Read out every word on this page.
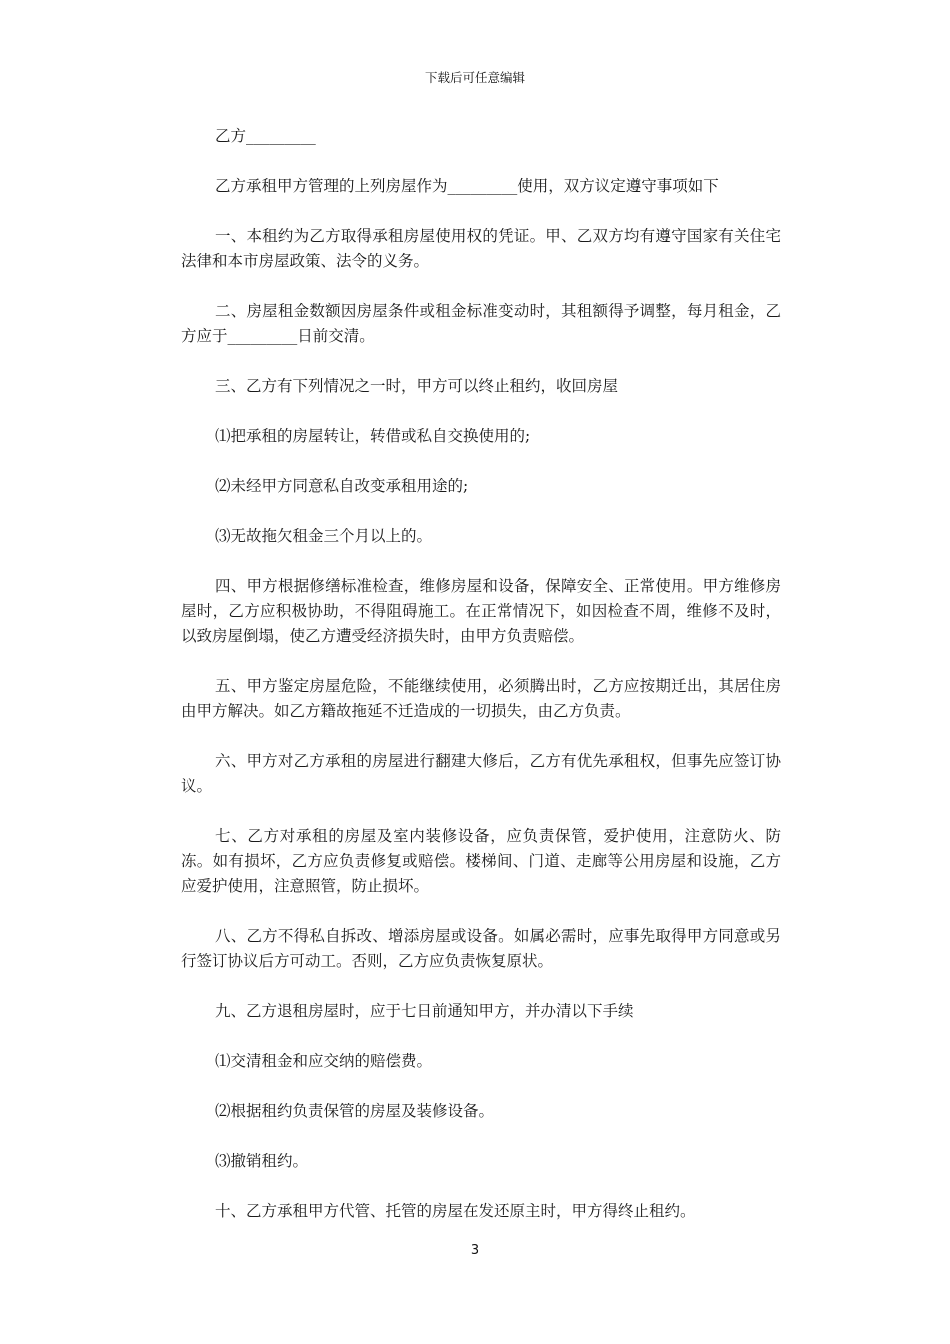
下载后可任意编辑

乙方_________

乙方承租甲方管理的上列房屋作为_________使用，双方议定遵守事项如下

一、本租约为乙方取得承租房屋使用权的凭证。甲、乙双方均有遵守国家有关住宅法律和本市房屋政策、法令的义务。

二、房屋租金数额因房屋条件或租金标准变动时，其租额得予调整，每月租金，乙方应于_________日前交清。

三、乙方有下列情况之一时，甲方可以终止租约，收回房屋

⑴把承租的房屋转让，转借或私自交换使用的;

⑵未经甲方同意私自改变承租用途的;

⑶无故拖欠租金三个月以上的。

四、甲方根据修缮标准检查，维修房屋和设备，保障安全、正常使用。甲方维修房屋时，乙方应积极协助，不得阻碍施工。在正常情况下，如因检查不周，维修不及时，以致房屋倒塌，使乙方遭受经济损失时，由甲方负责赔偿。

五、甲方鉴定房屋危险，不能继续使用，必须腾出时，乙方应按期迁出，其居住房由甲方解决。如乙方籍故拖延不迁造成的一切损失，由乙方负责。

六、甲方对乙方承租的房屋进行翻建大修后，乙方有优先承租权，但事先应签订协议。

七、乙方对承租的房屋及室内装修设备，应负责保管，爱护使用，注意防火、防冻。如有损坏，乙方应负责修复或赔偿。楼梯间、门道、走廊等公用房屋和设施，乙方应爱护使用，注意照管，防止损坏。

八、乙方不得私自拆改、增添房屋或设备。如属必需时，应事先取得甲方同意或另行签订协议后方可动工。否则，乙方应负责恢复原状。

九、乙方退租房屋时，应于七日前通知甲方，并办清以下手续

⑴交清租金和应交纳的赔偿费。

⑵根据租约负责保管的房屋及装修设备。

⑶撤销租约。

十、乙方承租甲方代管、托管的房屋在发还原主时，甲方得终止租约。

3
